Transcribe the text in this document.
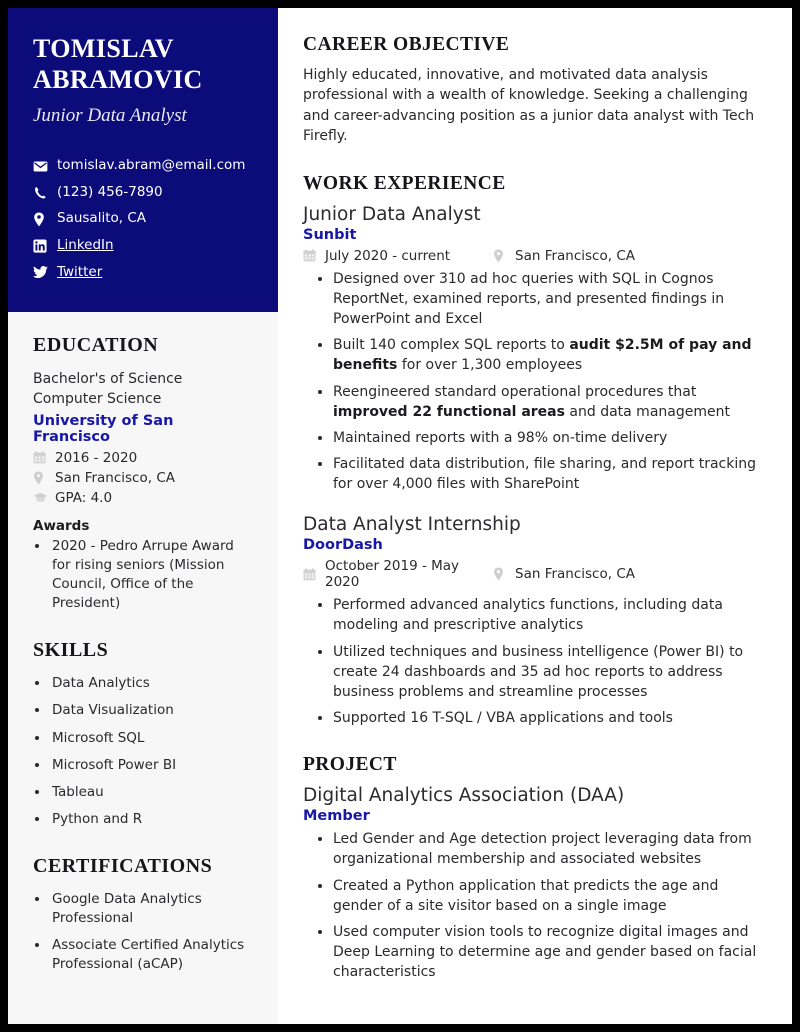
TOMISLAV ABRAMOVIC
Junior Data Analyst
tomislav.abram@email.com
(123) 456-7890
Sausalito, CA
LinkedIn
Twitter
EDUCATION
Bachelor's of Science
Computer Science
University of San Francisco
2016 - 2020
San Francisco, CA
GPA: 4.0
Awards
• 2020 - Pedro Arrupe Award for rising seniors (Mission Council, Office of the President)
SKILLS
• Data Analytics
• Data Visualization
• Microsoft SQL
• Microsoft Power BI
• Tableau
• Python and R
CERTIFICATIONS
• Google Data Analytics Professional
• Associate Certified Analytics Professional (aCAP)
CAREER OBJECTIVE

Highly educated, innovative, and motivated data analysis professional with a wealth of knowledge. Seeking a challenging and career-advancing position as a junior data analyst with Tech Firefly.

WORK EXPERIENCE
Junior Data Analyst
Sunbit
July 2020 - current	San Francisco, CA
• Designed over 310 ad hoc queries with SQL in Cognos ReportNet, examined reports, and presented findings in PowerPoint and Excel
• Built 140 complex SQL reports to audit $2.5M of pay and benefits for over 1,300 employees
• Reengineered standard operational procedures that improved 22 functional areas and data management
• Maintained reports with a 98% on-time delivery
• Facilitated data distribution, file sharing, and report tracking for over 4,000 files with SharePoint
Data Analyst Internship
DoorDash
October 2019 - May 2020	San Francisco, CA
• Performed advanced analytics functions, including data modeling and prescriptive analytics
• Utilized techniques and business intelligence (Power BI) to create 24 dashboards and 35 ad hoc reports to address business problems and streamline processes
• Supported 16 T-SQL / VBA applications and tools
PROJECT
Digital Analytics Association (DAA)
Member
• Led Gender and Age detection project leveraging data from organizational membership and associated websites
• Created a Python application that predicts the age and gender of a site visitor based on a single image
• Used computer vision tools to recognize digital images and Deep Learning to determine age and gender based on facial characteristics
